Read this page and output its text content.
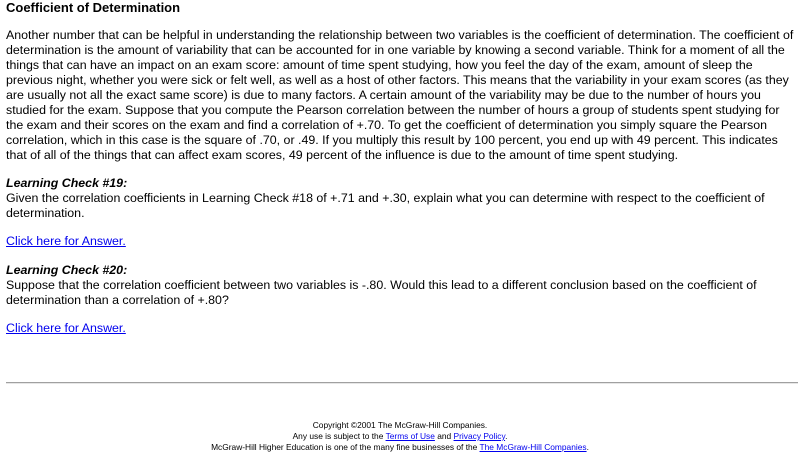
Coefficient of Determination

Another number that can be helpful in understanding the relationship between two variables is the coefficient of determination. The coefficient of determination is the amount of variability that can be accounted for in one variable by knowing a second variable. Think for a moment of all the things that can have an impact on an exam score: amount of time spent studying, how you feel the day of the exam, amount of sleep the previous night, whether you were sick or felt well, as well as a host of other factors. This means that the variability in your exam scores (as they are usually not all the exact same score) is due to many factors. A certain amount of the variability may be due to the number of hours you studied for the exam. Suppose that you compute the Pearson correlation between the number of hours a group of students spent studying for the exam and their scores on the exam and find a correlation of +.70. To get the coefficient of determination you simply square the Pearson correlation, which in this case is the square of .70, or .49. If you multiply this result by 100 percent, you end up with 49 percent. This indicates that of all of the things that can affect exam scores, 49 percent of the influence is due to the amount of time spent studying.

Learning Check #19:

Given the correlation coefficients in Learning Check #18 of +.71 and +.30, explain what you can determine with respect to the coefficient of determination.

Click here for Answer.
Learning Check #20:

Suppose that the correlation coefficient between two variables is -.80. Would this lead to a different conclusion based on the coefficient of determination than a correlation of +.80?

Click here for Answer.
Copyright ©2001 The McGraw-Hill Companies.
Any use is subject to the Terms of Use and Privacy Policy.
McGraw-Hill Higher Education is one of the many fine businesses of the The McGraw-Hill Companies.
